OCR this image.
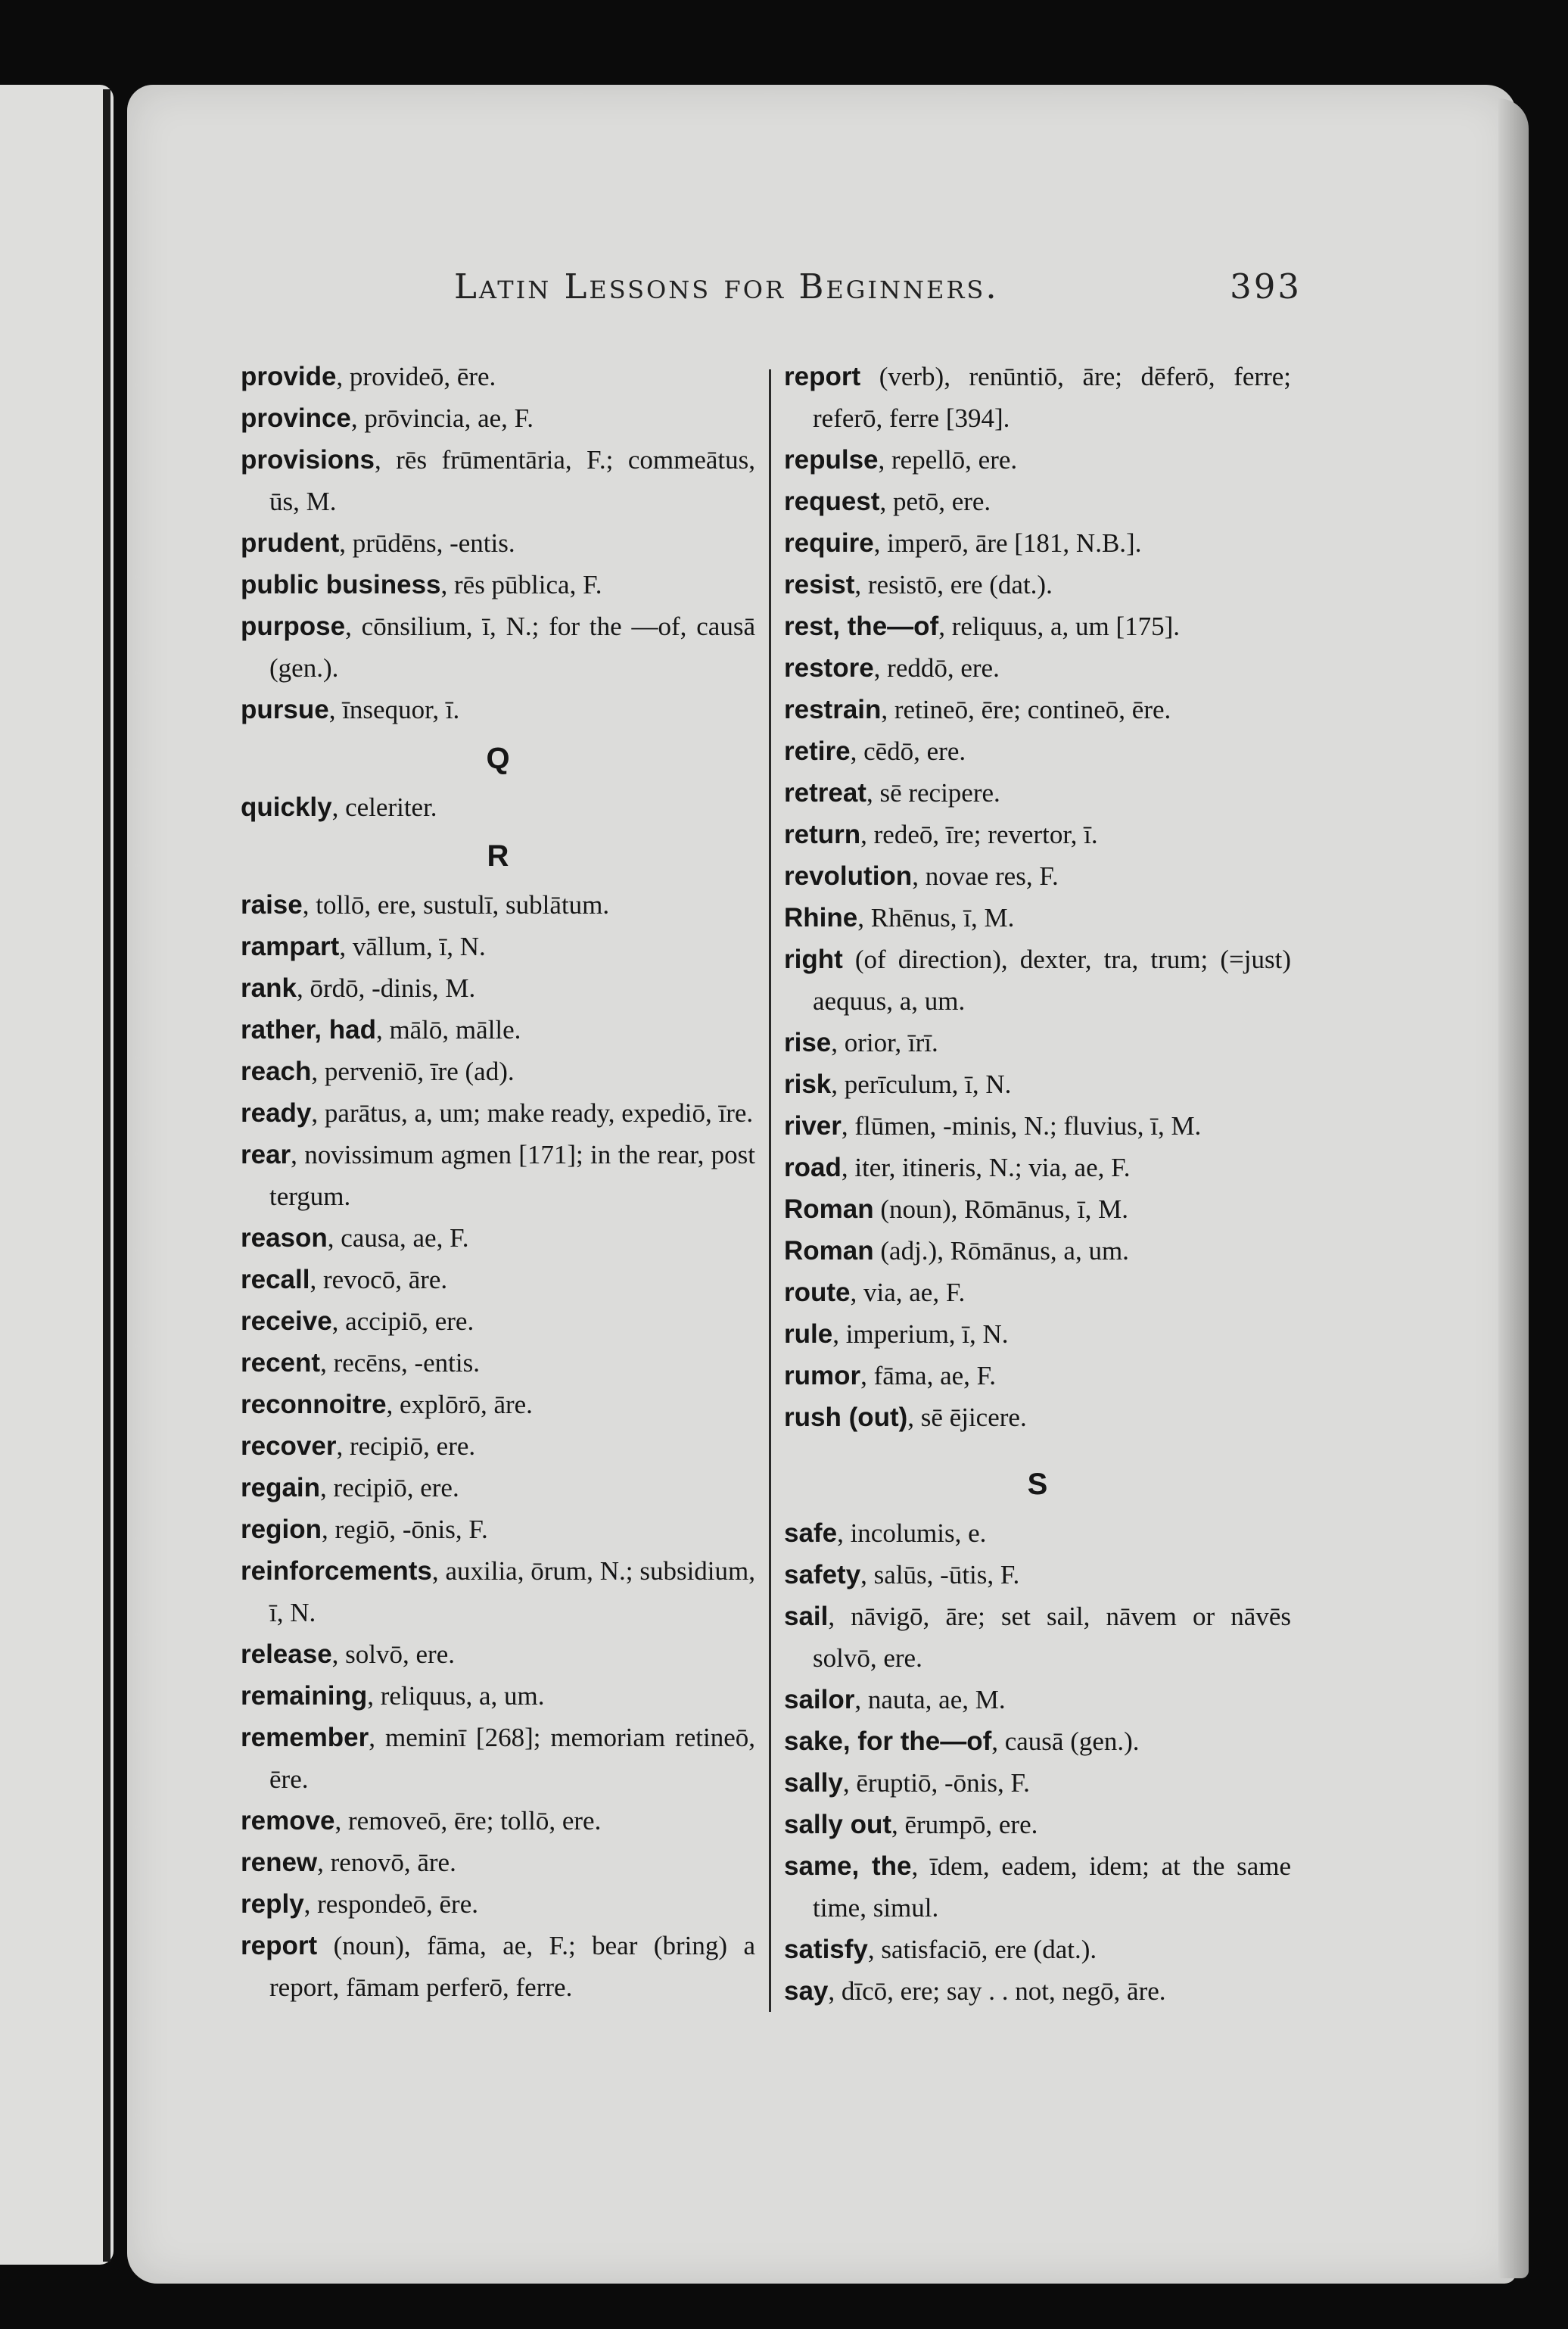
Latin Lessons for Beginners.	393

provide, provideō, ēre.

province, prōvincia, ae, F.

provisions, rēs frūmentāria, F.; commeātus, ūs, M.

prudent, prūdēns, -entis.

public business, rēs pūblica, F.

purpose, cōnsilium, ī, N.; for the —of, causā (gen.).

pursue, īnsequor, ī.

Q

quickly, celeriter.

R

raise, tollō, ere, sustulī, sublātum.

rampart, vāllum, ī, N.

rank, ōrdō, -dinis, M.

rather, had, mālō, mālle.

reach, perveniō, īre (ad).

ready, parātus, a, um; make ready, expediō, īre.

rear, novissimum agmen [171]; in the rear, post tergum.

reason, causa, ae, F.

recall, revocō, āre.

receive, accipiō, ere.

recent, recēns, -entis.

reconnoitre, explōrō, āre.

recover, recipiō, ere.

regain, recipiō, ere.

region, regiō, -ōnis, F.

reinforcements, auxilia, ōrum, N.; subsidium, ī, N.

release, solvō, ere.

remaining, reliquus, a, um.

remember, meminī [268]; memoriam retineō, ēre.

remove, removeō, ēre; tollō, ere.

renew, renovō, āre.

reply, respondeō, ēre.

report (noun), fāma, ae, F.; bear (bring) a report, fāmam perferō, ferre.

report (verb), renūntiō, āre; dēferō, ferre; referō, ferre [394].

repulse, repellō, ere.

request, petō, ere.

require, imperō, āre [181, N.B.].

resist, resistō, ere (dat.).

rest, the—of, reliquus, a, um [175].

restore, reddō, ere.

restrain, retineō, ēre; contineō, ēre.

retire, cēdō, ere.

retreat, sē recipere.

return, redeō, īre; revertor, ī.

revolution, novae res, F.

Rhine, Rhēnus, ī, M.

right (of direction), dexter, tra, trum; (=just) aequus, a, um.

rise, orior, īrī.

risk, perīculum, ī, N.

river, flūmen, -minis, N.; fluvius, ī, M.

road, iter, itineris, N.; via, ae, F.

Roman (noun), Rōmānus, ī, M.

Roman (adj.), Rōmānus, a, um.

route, via, ae, F.

rule, imperium, ī, N.

rumor, fāma, ae, F.

rush (out), sē ējicere.

S

safe, incolumis, e.

safety, salūs, -ūtis, F.

sail, nāvigō, āre; set sail, nāvem or nāvēs solvō, ere.

sailor, nauta, ae, M.

sake, for the—of, causā (gen.).

sally, ēruptiō, -ōnis, F.

sally out, ērumpō, ere.

same, the, īdem, eadem, idem; at the same time, simul.

satisfy, satisfaciō, ere (dat.).

say, dīcō, ere; say . . not, negō, āre.
